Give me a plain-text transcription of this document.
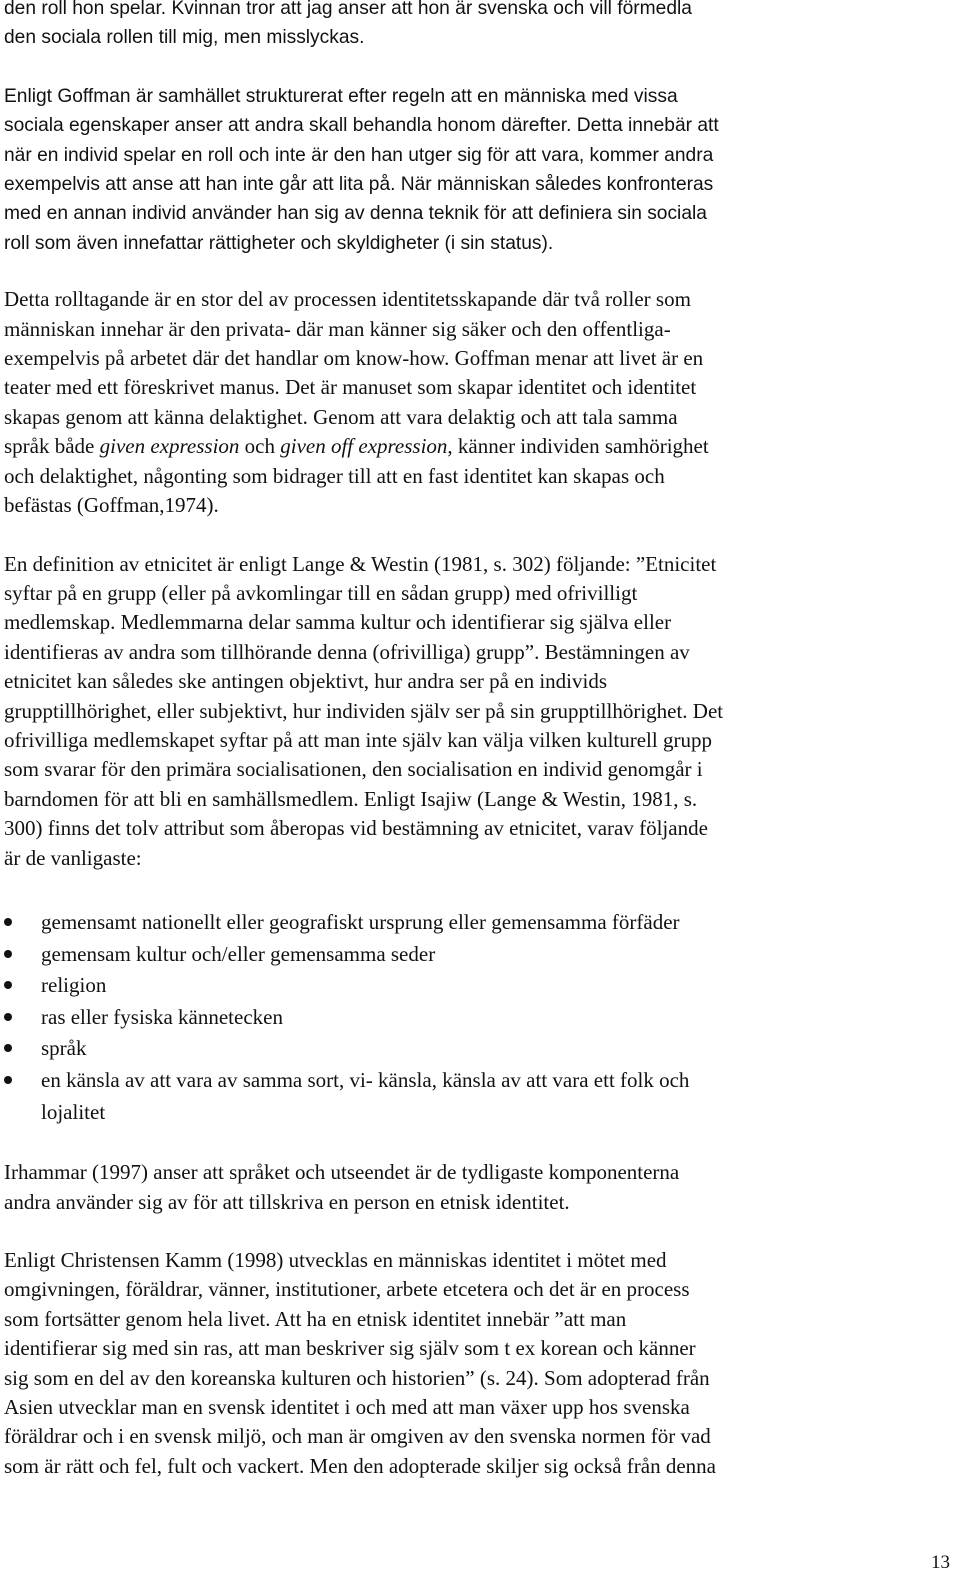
den roll hon spelar. Kvinnan tror att jag anser att hon är svenska och vill förmedla
den sociala rollen till mig, men misslyckas.
Enligt Goffman är samhället strukturerat efter regeln att en människa med vissa
sociala egenskaper anser att andra skall behandla honom därefter. Detta innebär att
när en individ spelar en roll och inte är den han utger sig för att vara, kommer andra
exempelvis att anse att han inte går att lita på. När människan således konfronteras
med en annan individ använder han sig av denna teknik för att definiera sin sociala
roll som även innefattar rättigheter och skyldigheter (i sin status).
Detta rolltagande är en stor del av processen identitetsskapande där två roller som
människan innehar är den privata- där man känner sig säker och den offentliga-
exempelvis på arbetet där det handlar om know-how. Goffman menar att livet är en
teater med ett föreskrivet manus. Det är manuset som skapar identitet och identitet
skapas genom att känna delaktighet. Genom att vara delaktig och att tala samma
språk både given expression och given off expression, känner individen samhörighet
och delaktighet, någonting som bidrager till att en fast identitet kan skapas och
befästas (Goffman,1974).
En definition av etnicitet är enligt Lange & Westin (1981, s. 302) följande: ”Etnicitet
syftar på en grupp (eller på avkomlingar till en sådan grupp) med ofrivilligt
medlemskap. Medlemmarna delar samma kultur och identifierar sig själva eller
identifieras av andra som tillhörande denna (ofrivilliga) grupp”. Bestämningen av
etnicitet kan således ske antingen objektivt, hur andra ser på en individs
grupptillhörighet, eller subjektivt, hur individen själv ser på sin grupptillhörighet. Det
ofrivilliga medlemskapet syftar på att man inte själv kan välja vilken kulturell grupp
som svarar för den primära socialisationen, den socialisation en individ genomgår i
barndomen för att bli en samhällsmedlem. Enligt Isajiw (Lange & Westin, 1981, s.
300) finns det tolv attribut som åberopas vid bestämning av etnicitet, varav följande
är de vanligaste:
gemensamt nationellt eller geografiskt ursprung eller gemensamma förfäder
gemensam kultur och/eller gemensamma seder
religion
ras eller fysiska kännetecken
språk
en känsla av att vara av samma sort, vi- känsla, känsla av att vara ett folk och
lojalitet
Irhammar (1997) anser att språket och utseendet är de tydligaste komponenterna
andra använder sig av för att tillskriva en person en etnisk identitet.
Enligt Christensen Kamm (1998) utvecklas en människas identitet i mötet med
omgivningen, föräldrar, vänner, institutioner, arbete etcetera och det är en process
som fortsätter genom hela livet. Att ha en etnisk identitet innebär ”att man
identifierar sig med sin ras, att man beskriver sig själv som t ex korean och känner
sig som en del av den koreanska kulturen och historien” (s. 24). Som adopterad från
Asien utvecklar man en svensk identitet i och med att man växer upp hos svenska
föräldrar och i en svensk miljö, och man är omgiven av den svenska normen för vad
som är rätt och fel, fult och vackert. Men den adopterade skiljer sig också från denna
13
